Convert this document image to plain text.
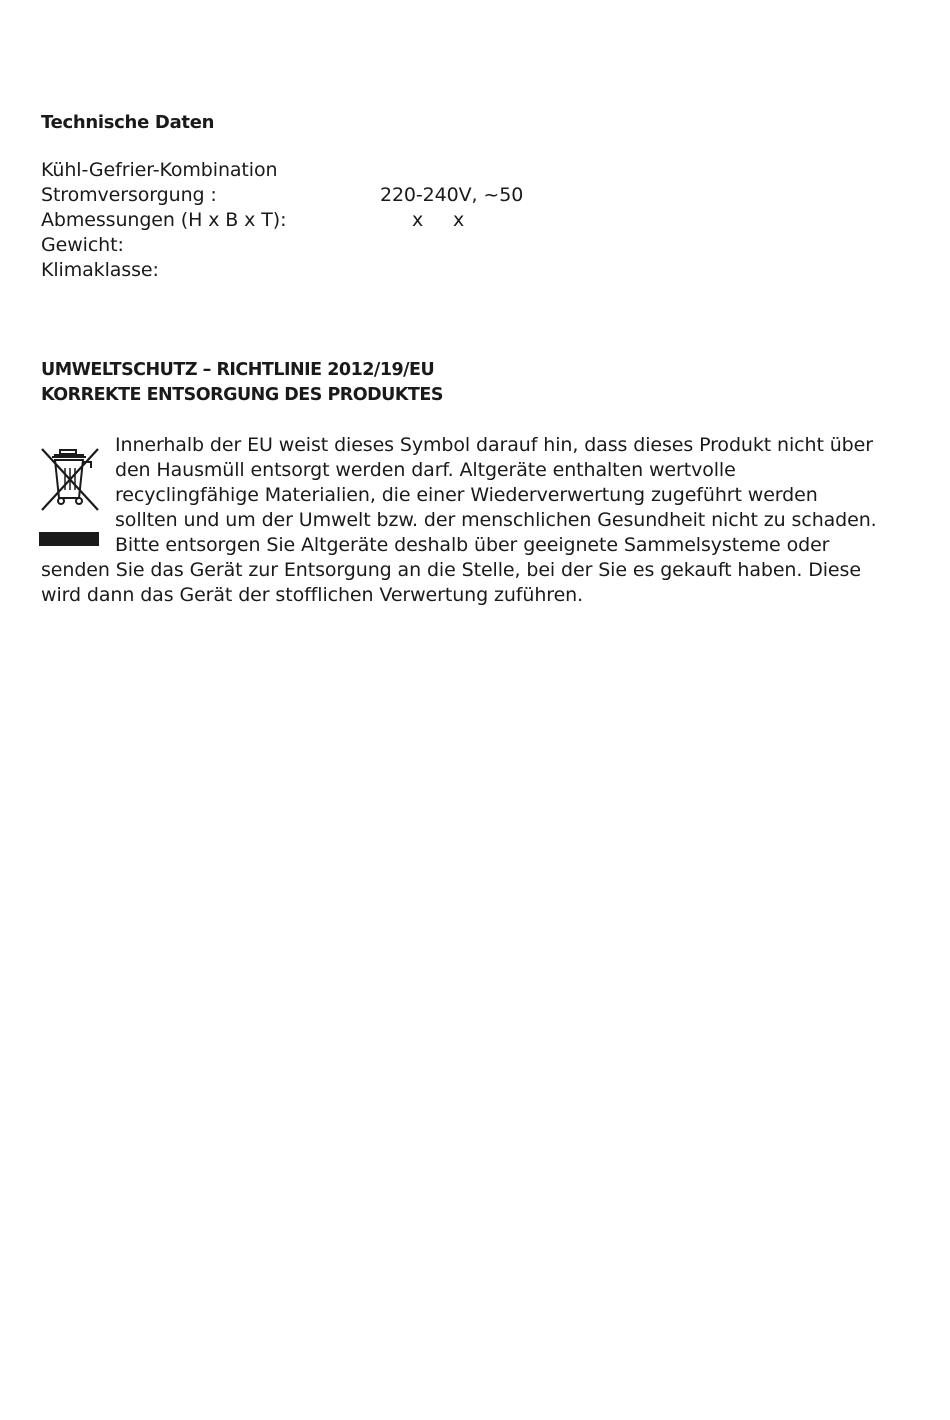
Technische Daten
Kühl-Gefrier-Kombination
Stromversorgung :	220-240V, ~50
Abmessungen (H x B x T):	x x
Gewicht:
Klimaklasse:
UMWELTSCHUTZ – RICHTLINIE 2012/19/EU
KORREKTE ENTSORGUNG DES PRODUKTES
Innerhalb der EU weist dieses Symbol darauf hin, dass dieses Produkt nicht über
den Hausmüll entsorgt werden darf. Altgeräte enthalten wertvolle
recyclingfähige Materialien, die einer Wiederverwertung zugeführt werden
sollten und um der Umwelt bzw. der menschlichen Gesundheit nicht zu schaden.
Bitte entsorgen Sie Altgeräte deshalb über geeignete Sammelsysteme oder
senden Sie das Gerät zur Entsorgung an die Stelle, bei der Sie es gekauft haben. Diese
wird dann das Gerät der stofflichen Verwertung zuführen.
